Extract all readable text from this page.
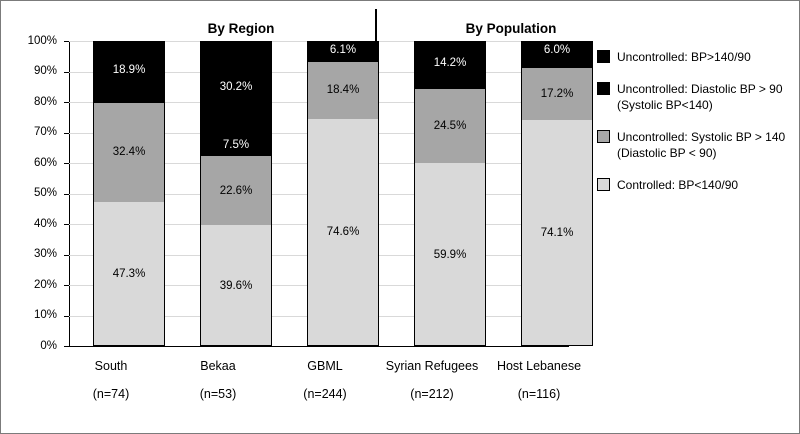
By Region	By Population
0%
10%
20%
30%
40%
50%
60%
70%
80%
90%
100%
47.3%
32.4%
18.9%
39.6%
22.6%
7.5%
30.2%
74.6%
18.4%
6.1%
59.9%
24.5%
14.2%
74.1%
17.2%
6.0%
South
(n=74)
Bekaa
(n=53)
GBML
(n=244)
Syrian Refugees
(n=212)
Host Lebanese
(n=116)
Uncontrolled: BP>140/90
Uncontrolled: Diastolic BP > 90 (Systolic BP<140)
Uncontrolled: Systolic BP > 140 (Diastolic BP < 90)
Controlled: BP<140/90
